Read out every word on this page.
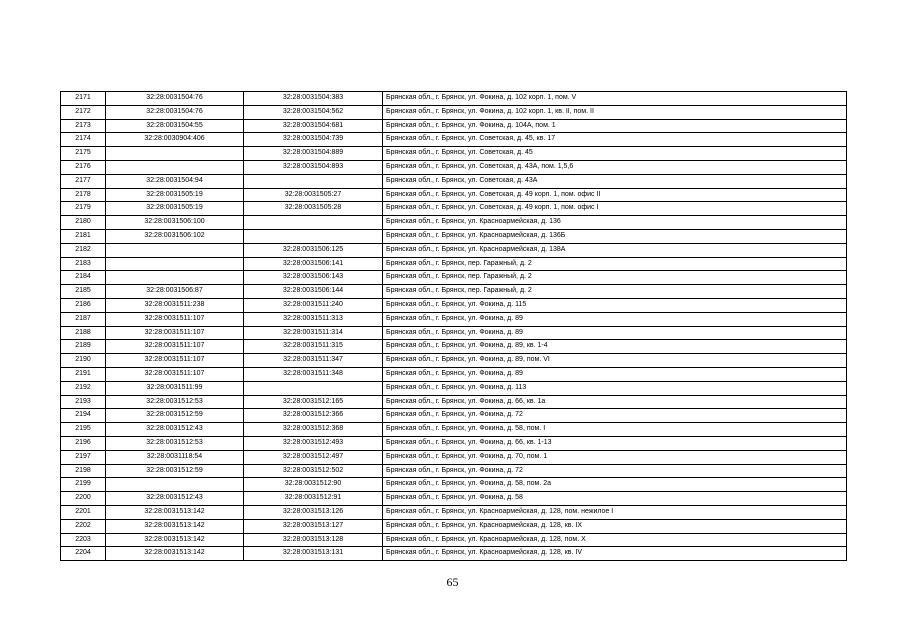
2171	32:28:0031504:76	32:28:0031504:383	Брянская обл., г. Брянск, ул. Фокина, д. 102 корп. 1, пом. V
2172	32:28:0031504:76	32:28:0031504:562	Брянская обл., г. Брянск, ул. Фокина, д. 102 корп. 1, кв. II, пом. II
2173	32:28:0031504:55	32:28:0031504:681	Брянская обл., г. Брянск, ул. Фокина, д. 104А, пом. 1
2174	32:28:0030904:406	32:28:0031504:739	Брянская обл., г. Брянск, ул. Советская, д. 45, кв. 17
2175		32:28:0031504:889	Брянская обл., г. Брянск, ул. Советская, д. 45
2176		32:28:0031504:893	Брянская обл., г. Брянск, ул. Советская, д. 43А, пом. 1,5,6
2177	32:28:0031504:94		Брянская обл., г. Брянск, ул. Советская, д. 43А
2178	32:28:0031505:19	32:28:0031505:27	Брянская обл., г. Брянск, ул. Советская, д. 49 корп. 1, пом. офис II
2179	32:28:0031505:19	32:28:0031505:28	Брянская обл., г. Брянск, ул. Советская, д. 49 корп. 1, пом. офис I
2180	32:28:0031506:100		Брянская обл., г. Брянск, ул. Красноармейская, д. 136
2181	32:28:0031506:102		Брянская обл., г. Брянск, ул. Красноармейская, д. 136Б
2182		32:28:0031506:125	Брянская обл., г. Брянск, ул. Красноармейская, д. 138А
2183		32:28:0031506:141	Брянская обл., г. Брянск, пер. Гаражный, д. 2
2184		32:28:0031506:143	Брянская обл., г. Брянск, пер. Гаражный, д. 2
2185	32:28:0031506:87	32:28:0031506:144	Брянская обл., г. Брянск, пер. Гаражный, д. 2
2186	32:28:0031511:238	32:28:0031511:240	Брянская обл., г. Брянск, ул. Фокина, д. 115
2187	32:28:0031511:107	32:28:0031511:313	Брянская обл., г. Брянск, ул. Фокина, д. 89
2188	32:28:0031511:107	32:28:0031511:314	Брянская обл., г. Брянск, ул. Фокина, д. 89
2189	32:28:0031511:107	32:28:0031511:315	Брянская обл., г. Брянск, ул. Фокина, д. 89, кв. 1-4
2190	32:28:0031511:107	32:28:0031511:347	Брянская обл., г. Брянск, ул. Фокина, д. 89, пом. VI
2191	32:28:0031511:107	32:28:0031511:348	Брянская обл., г. Брянск, ул. Фокина, д. 89
2192	32:28:0031511:99		Брянская обл., г. Брянск, ул. Фокина, д. 113
2193	32:28:0031512:53	32:28:0031512:165	Брянская обл., г. Брянск, ул. Фокина, д. 66, кв. 1а
2194	32:28:0031512:59	32:28:0031512:366	Брянская обл., г. Брянск, ул. Фокина, д. 72
2195	32:28:0031512:43	32:28:0031512:368	Брянская обл., г. Брянск, ул. Фокина, д. 58, пом. I
2196	32:28:0031512:53	32:28:0031512:493	Брянская обл., г. Брянск, ул. Фокина, д. 66, кв. 1-13
2197	32:28:0031118:54	32:28:0031512:497	Брянская обл., г. Брянск, ул. Фокина, д. 70, пом. 1
2198	32:28:0031512:59	32:28:0031512:502	Брянская обл., г. Брянск, ул. Фокина, д. 72
2199		32:28:0031512:90	Брянская обл., г. Брянск, ул. Фокина, д. 58, пом. 2а
2200	32:28:0031512:43	32:28:0031512:91	Брянская обл., г. Брянск, ул. Фокина, д. 58
2201	32:28:0031513:142	32:28:0031513:126	Брянская обл., г. Брянск, ул. Красноармейская, д. 128, пом. нежилое I
2202	32:28:0031513:142	32:28:0031513:127	Брянская обл., г. Брянск, ул. Красноармейская, д. 128, кв. IX
2203	32:28:0031513:142	32:28:0031513:128	Брянская обл., г. Брянск, ул. Красноармейская, д. 128, пом. X
2204	32:28:0031513:142	32:28:0031513:131	Брянская обл., г. Брянск, ул. Красноармейская, д. 128, кв. IV
65
